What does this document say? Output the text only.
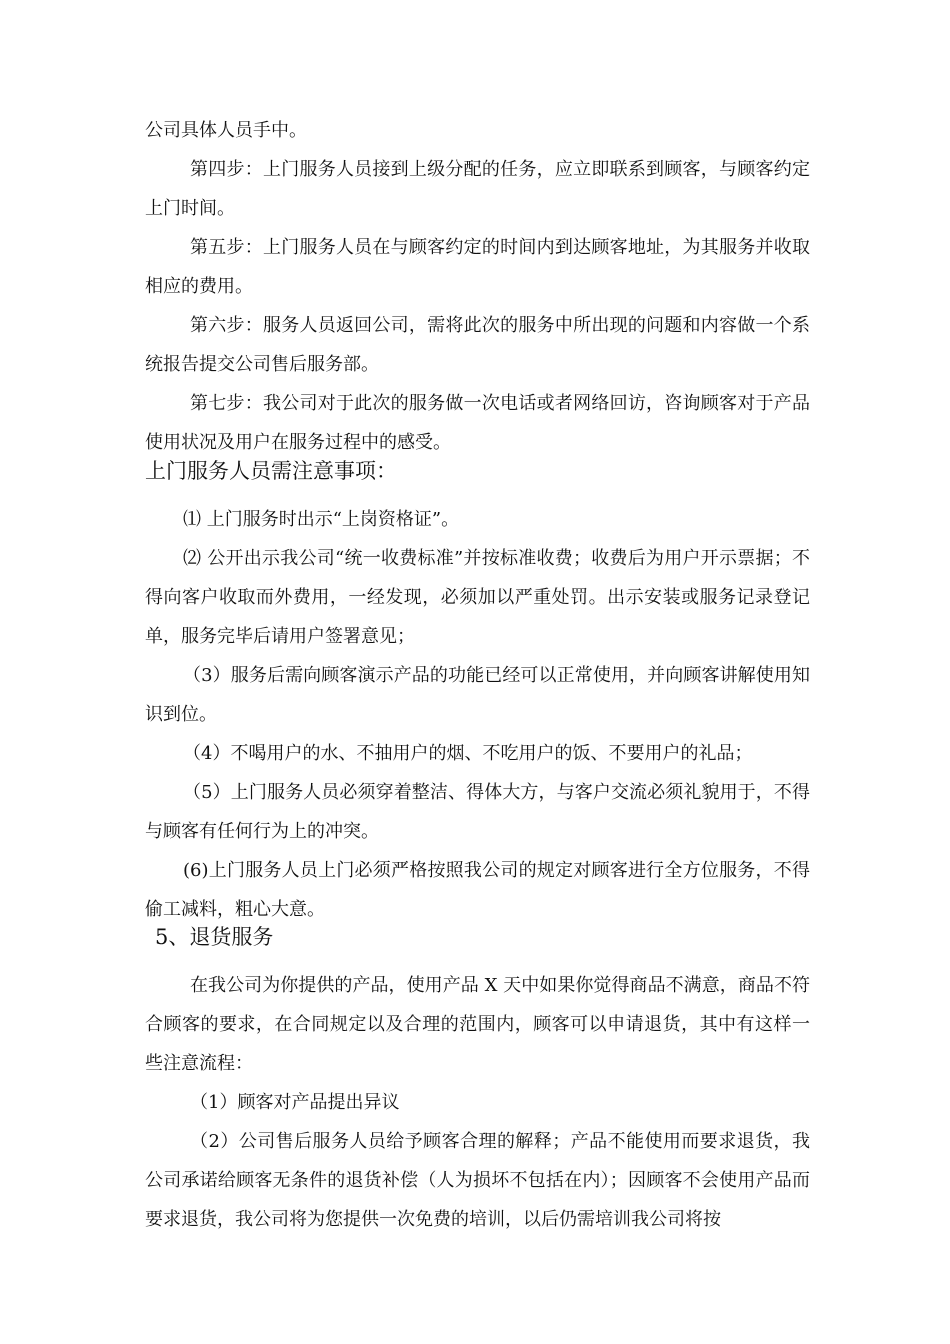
公司具体人员手中。

第四步：上门服务人员接到上级分配的任务，应立即联系到顾客，与顾客约定上门时间。

第五步：上门服务人员在与顾客约定的时间内到达顾客地址，为其服务并收取相应的费用。

第六步：服务人员返回公司，需将此次的服务中所出现的问题和内容做一个系统报告提交公司售后服务部。

第七步：我公司对于此次的服务做一次电话或者网络回访，咨询顾客对于产品使用状况及用户在服务过程中的感受。

上门服务人员需注意事项：

⑴ 上门服务时出示“上岗资格证”。

⑵ 公开出示我公司“统一收费标准”并按标准收费；收费后为用户开示票据；不得向客户收取而外费用，一经发现，必须加以严重处罚。出示安装或服务记录登记单，服务完毕后请用户签署意见；

（3）服务后需向顾客演示产品的功能已经可以正常使用，并向顾客讲解使用知识到位。

（4）不喝用户的水、不抽用户的烟、不吃用户的饭、不要用户的礼品；

（5）上门服务人员必须穿着整洁、得体大方，与客户交流必须礼貌用于，不得与顾客有任何行为上的冲突。

(6)上门服务人员上门必须严格按照我公司的规定对顾客进行全方位服务，不得偷工减料，粗心大意。

5、退货服务

在我公司为你提供的产品，使用产品 X 天中如果你觉得商品不满意，商品不符合顾客的要求，在合同规定以及合理的范围内，顾客可以申请退货，其中有这样一些注意流程：

（1）顾客对产品提出异议

（2）公司售后服务人员给予顾客合理的解释；产品不能使用而要求退货，我公司承诺给顾客无条件的退货补偿（人为损坏不包括在内）；因顾客不会使用产品而要求退货，我公司将为您提供一次免费的培训，以后仍需培训我公司将按
